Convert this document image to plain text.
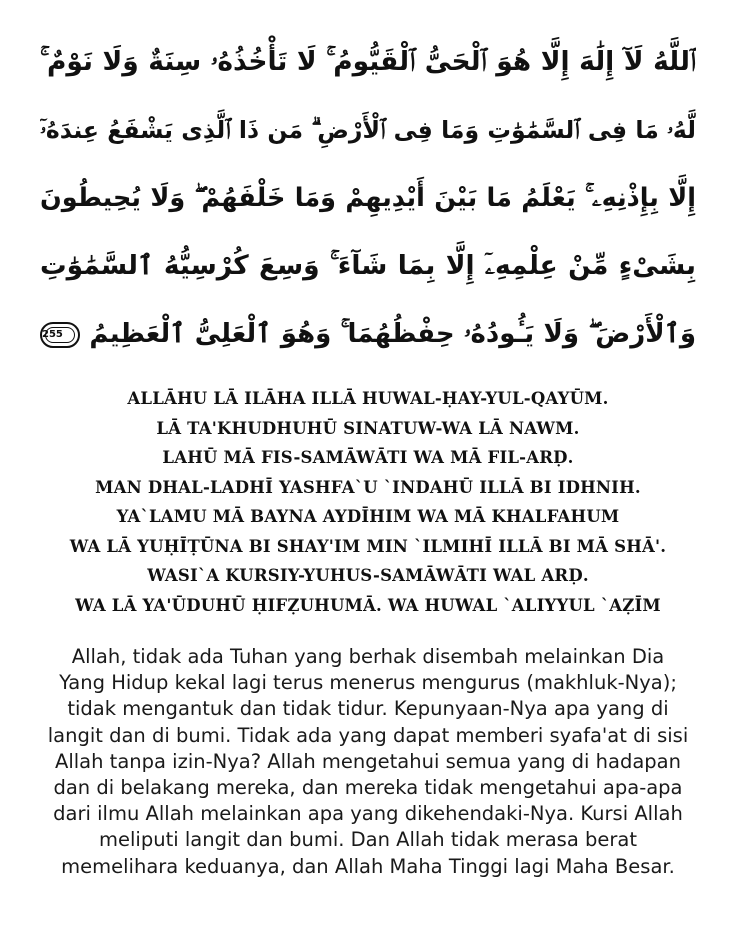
ٱللَّهُ لَآ إِلَٰهَ إِلَّا هُوَ ٱلْحَىُّ ٱلْقَيُّومُ ۚ لَا تَأْخُذُهُۥ سِنَةٌ وَلَا نَوْمٌ ۚ
لَّهُۥ مَا فِى ٱلسَّمَٰوَٰتِ وَمَا فِى ٱلْأَرْضِ ۗ مَن ذَا ٱلَّذِى يَشْفَعُ عِندَهُۥٓ
إِلَّا بِإِذْنِهِۦ ۚ يَعْلَمُ مَا بَيْنَ أَيْدِيهِمْ وَمَا خَلْفَهُمْ ۖ وَلَا يُحِيطُونَ
بِشَىْءٍ مِّنْ عِلْمِهِۦٓ إِلَّا بِمَا شَآءَ ۚ وَسِعَ كُرْسِيُّهُ ٱلسَّمَٰوَٰتِ
وَٱلْأَرْضَ ۖ وَلَا يَـُٔودُهُۥ حِفْظُهُمَا ۚ وَهُوَ ٱلْعَلِىُّ ٱلْعَظِيمُ 255
ALLĀHU LĀ ILĀHA ILLĀ HUWAL-ḤAY-YUL-QAYŪM.
LĀ TA'KHUDHUHŪ SINATUW-WA LĀ NAWM.
LAHŪ MĀ FIS-SAMĀWĀTI WA MĀ FIL-ARḌ.
MAN DHAL-LADHĪ YASHFA`U `INDAHŪ ILLĀ BI IDHNIH.
YA`LAMU MĀ BAYNA AYDĪHIM WA MĀ KHALFAHUM
WA LĀ YUḤĪṬŪNA BI SHAY'IM MIN `ILMIHĪ ILLĀ BI MĀ SHĀ'.
WASI`A KURSIY-YUHUS-SAMĀWĀTI WAL ARḌ.
WA LĀ YA'ŪDUHŪ ḤIFẒUHUMĀ. WA HUWAL `ALIYYUL `AẒĪM
Allah, tidak ada Tuhan yang berhak disembah melainkan Dia
Yang Hidup kekal lagi terus menerus mengurus (makhluk-Nya);
tidak mengantuk dan tidak tidur. Kepunyaan-Nya apa yang di
langit dan di bumi. Tidak ada yang dapat memberi syafa'at di sisi
Allah tanpa izin-Nya? Allah mengetahui semua yang di hadapan
dan di belakang mereka, dan mereka tidak mengetahui apa-apa
dari ilmu Allah melainkan apa yang dikehendaki-Nya. Kursi Allah
meliputi langit dan bumi. Dan Allah tidak merasa berat
memelihara keduanya, dan Allah Maha Tinggi lagi Maha Besar.
